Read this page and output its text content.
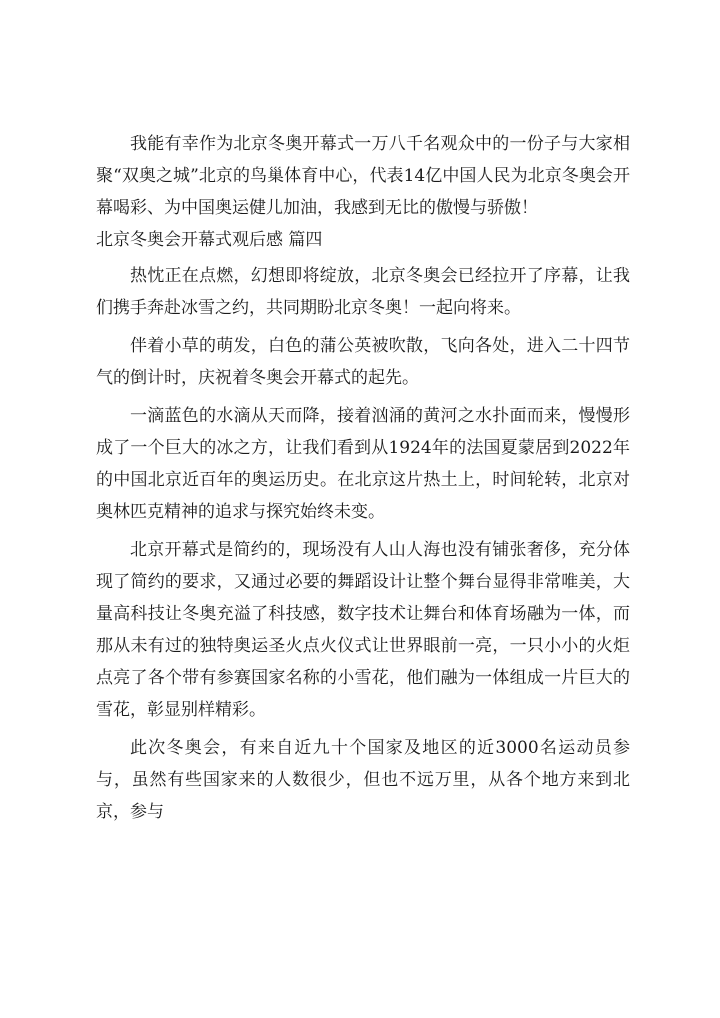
我能有幸作为北京冬奥开幕式一万八千名观众中的一份子与大家相聚“双奥之城”北京的鸟巢体育中心，代表14亿中国人民为北京冬奥会开幕喝彩、为中国奥运健儿加油，我感到无比的傲慢与骄傲！

北京冬奥会开幕式观后感 篇四

热忱正在点燃，幻想即将绽放，北京冬奥会已经拉开了序幕，让我们携手奔赴冰雪之约，共同期盼北京冬奥！一起向将来。

伴着小草的萌发，白色的蒲公英被吹散，飞向各处，进入二十四节气的倒计时，庆祝着冬奥会开幕式的起先。

一滴蓝色的水滴从天而降，接着汹涌的黄河之水扑面而来，慢慢形成了一个巨大的冰之方，让我们看到从1924年的法国夏蒙居到2022年的中国北京近百年的奥运历史。在北京这片热土上，时间轮转，北京对奥林匹克精神的追求与探究始终未变。

北京开幕式是简约的，现场没有人山人海也没有铺张奢侈，充分体现了简约的要求，又通过必要的舞蹈设计让整个舞台显得非常唯美，大量高科技让冬奥充溢了科技感，数字技术让舞台和体育场融为一体，而那从未有过的独特奥运圣火点火仪式让世界眼前一亮，一只小小的火炬点亮了各个带有参赛国家名称的小雪花，他们融为一体组成一片巨大的雪花，彰显别样精彩。

此次冬奥会，有来自近九十个国家及地区的近3000名运动员参与，虽然有些国家来的人数很少，但也不远万里，从各个地方来到北京，参与
